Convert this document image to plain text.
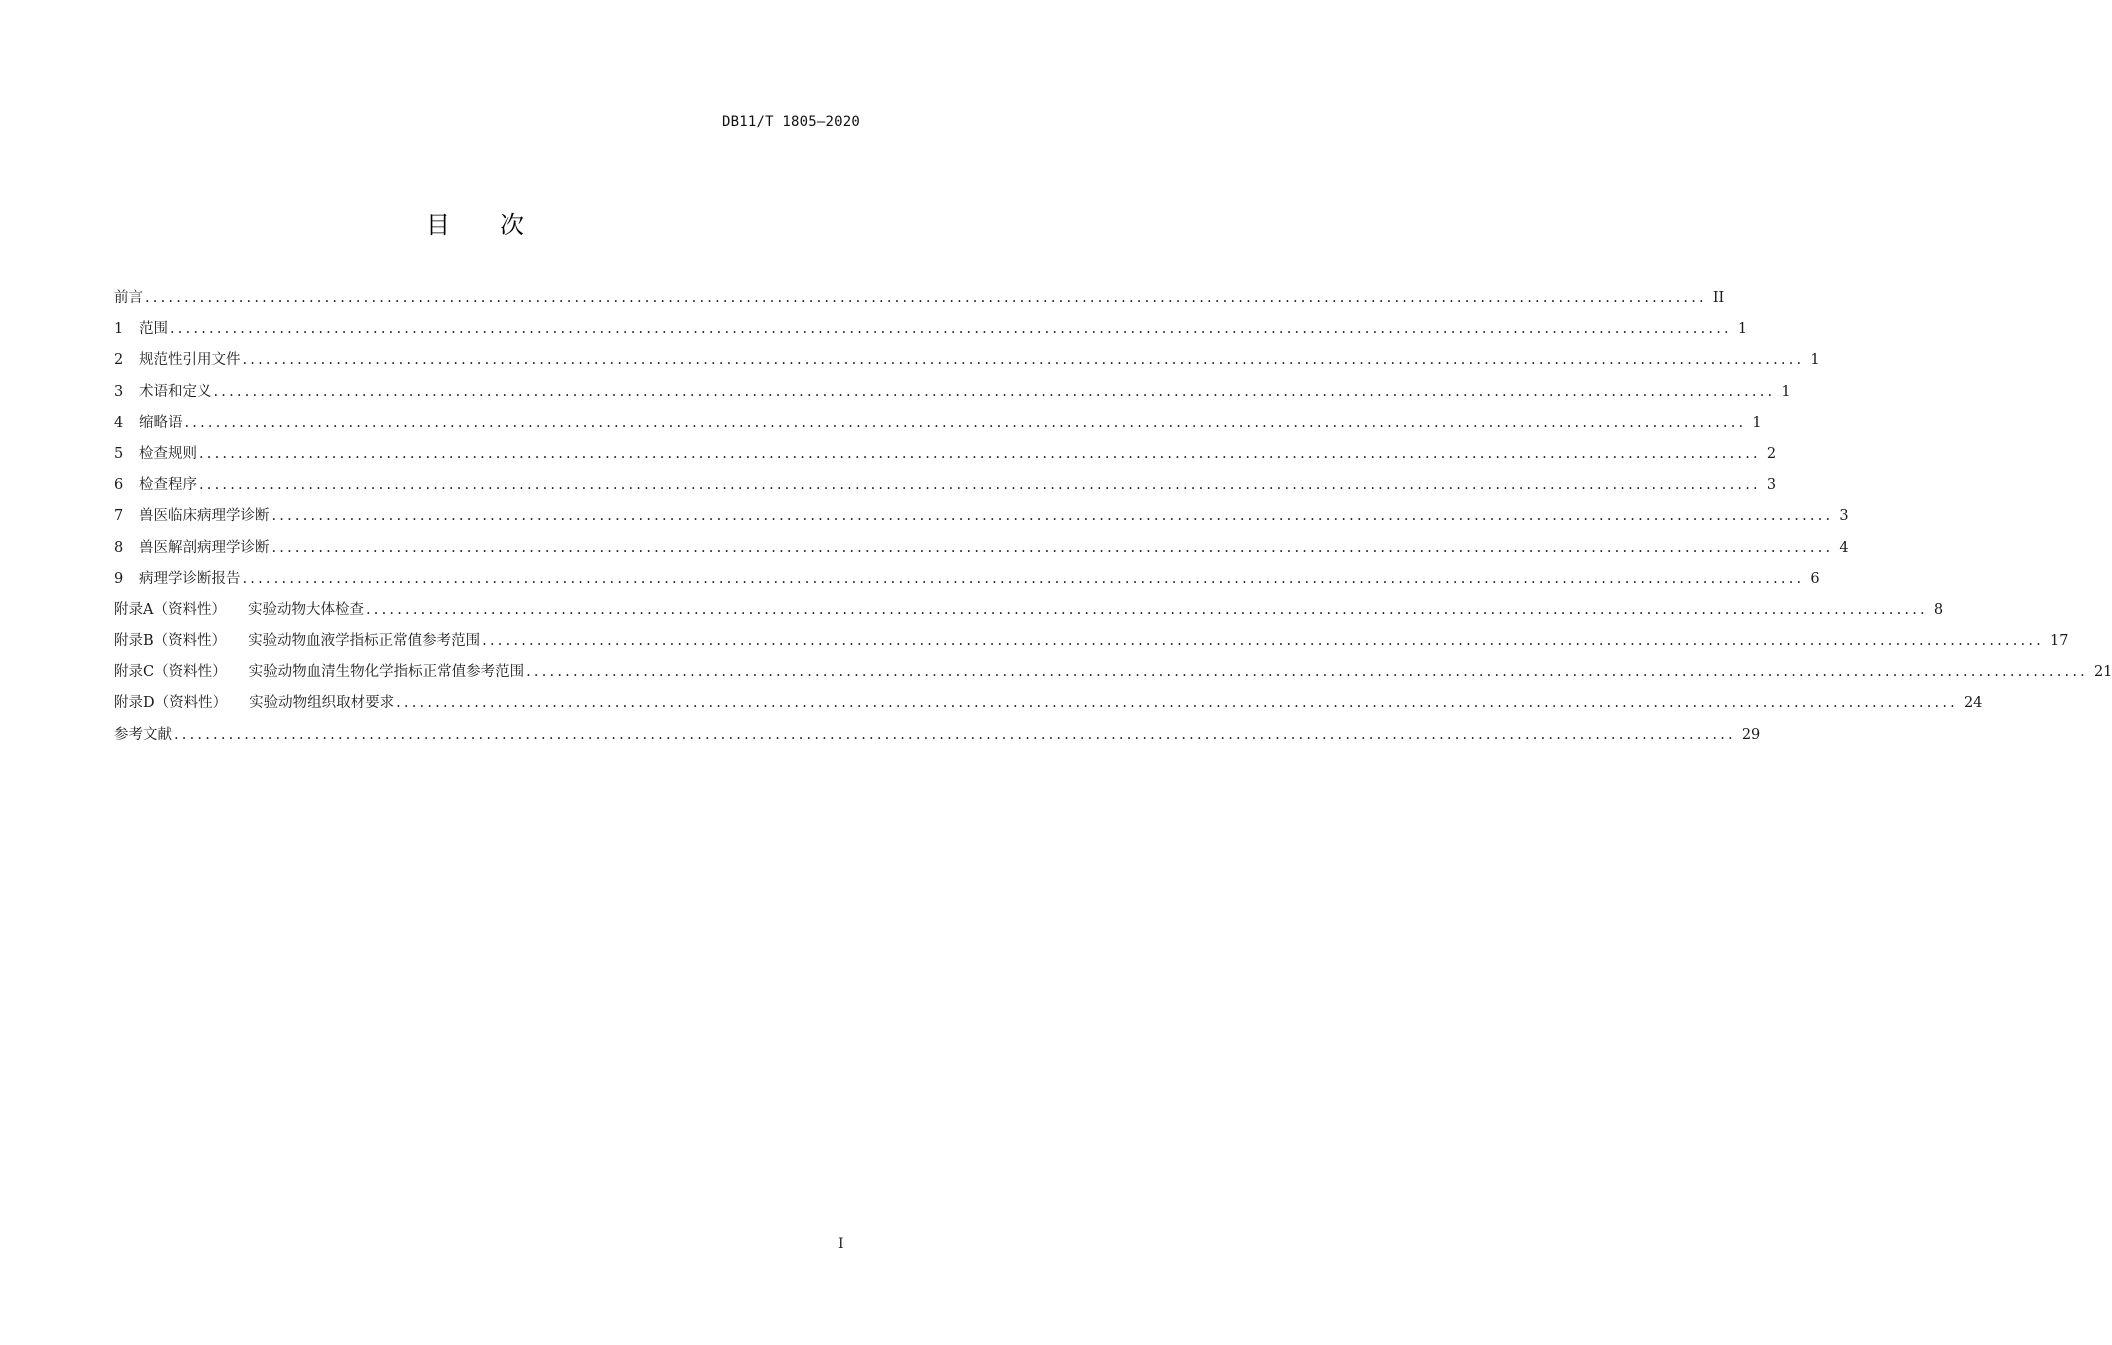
DB11/T 1805—2020
目次
前言 ........................................................................................................................................................................................................ II
1 范围 ........................................................................................................................................................................................................ 1
2 规范性引用文件 ........................................................................................................................................................................................................ 1
3 术语和定义 ........................................................................................................................................................................................................ 1
4 缩略语 ........................................................................................................................................................................................................ 1
5 检查规则 ........................................................................................................................................................................................................ 2
6 检查程序 ........................................................................................................................................................................................................ 3
7 兽医临床病理学诊断 ........................................................................................................................................................................................................ 3
8 兽医解剖病理学诊断 ........................................................................................................................................................................................................ 4
9 病理学诊断报告 ........................................................................................................................................................................................................ 6
附录A（资料性） 实验动物大体检查 ........................................................................................................................................................................................................ 8
附录B（资料性） 实验动物血液学指标正常值参考范围 ........................................................................................................................................................................................................ 17
附录C（资料性） 实验动物血清生物化学指标正常值参考范围 ........................................................................................................................................................................................................ 21
附录D（资料性） 实验动物组织取材要求 ........................................................................................................................................................................................................ 24
参考文献 ........................................................................................................................................................................................................ 29
I
